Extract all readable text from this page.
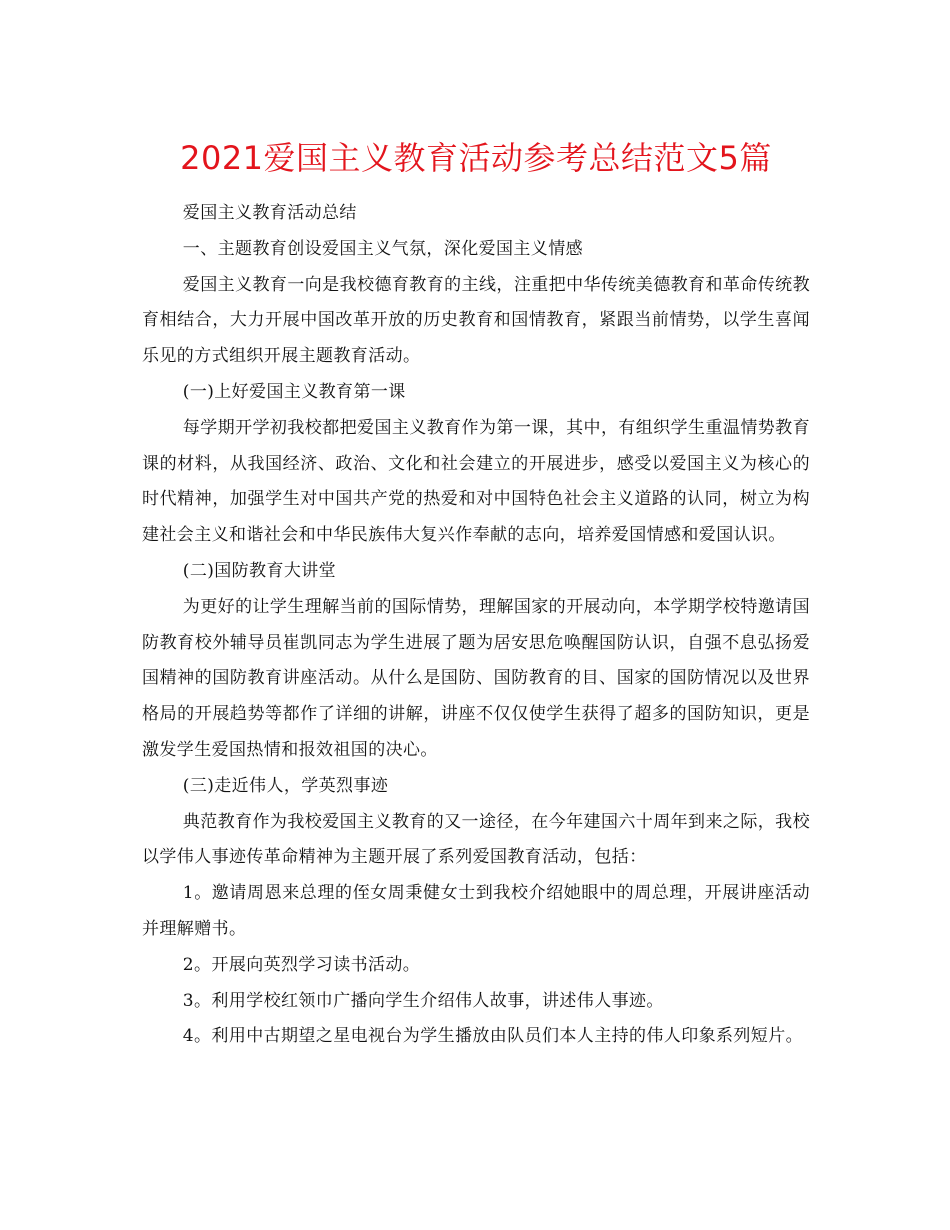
2021爱国主义教育活动参考总结范文5篇

爱国主义教育活动总结

一、主题教育创设爱国主义气氛，深化爱国主义情感

爱国主义教育一向是我校德育教育的主线，注重把中华传统美德教育和革命传统教育相结合，大力开展中国改革开放的历史教育和国情教育，紧跟当前情势，以学生喜闻乐见的方式组织开展主题教育活动。

(一)上好爱国主义教育第一课

每学期开学初我校都把爱国主义教育作为第一课，其中，有组织学生重温情势教育课的材料，从我国经济、政治、文化和社会建立的开展进步，感受以爱国主义为核心的时代精神，加强学生对中国共产党的热爱和对中国特色社会主义道路的认同，树立为构建社会主义和谐社会和中华民族伟大复兴作奉献的志向，培养爱国情感和爱国认识。

(二)国防教育大讲堂

为更好的让学生理解当前的国际情势，理解国家的开展动向，本学期学校特邀请国防教育校外辅导员崔凯同志为学生进展了题为居安思危唤醒国防认识，自强不息弘扬爱国精神的国防教育讲座活动。从什么是国防、国防教育的目、国家的国防情况以及世界格局的开展趋势等都作了详细的讲解，讲座不仅仅使学生获得了超多的国防知识，更是激发学生爱国热情和报效祖国的决心。

(三)走近伟人，学英烈事迹

典范教育作为我校爱国主义教育的又一途径，在今年建国六十周年到来之际，我校以学伟人事迹传革命精神为主题开展了系列爱国教育活动，包括：

1。邀请周恩来总理的侄女周秉健女士到我校介绍她眼中的周总理，开展讲座活动并理解赠书。

2。开展向英烈学习读书活动。

3。利用学校红领巾广播向学生介绍伟人故事，讲述伟人事迹。

4。利用中古期望之星电视台为学生播放由队员们本人主持的伟人印象系列短片。
